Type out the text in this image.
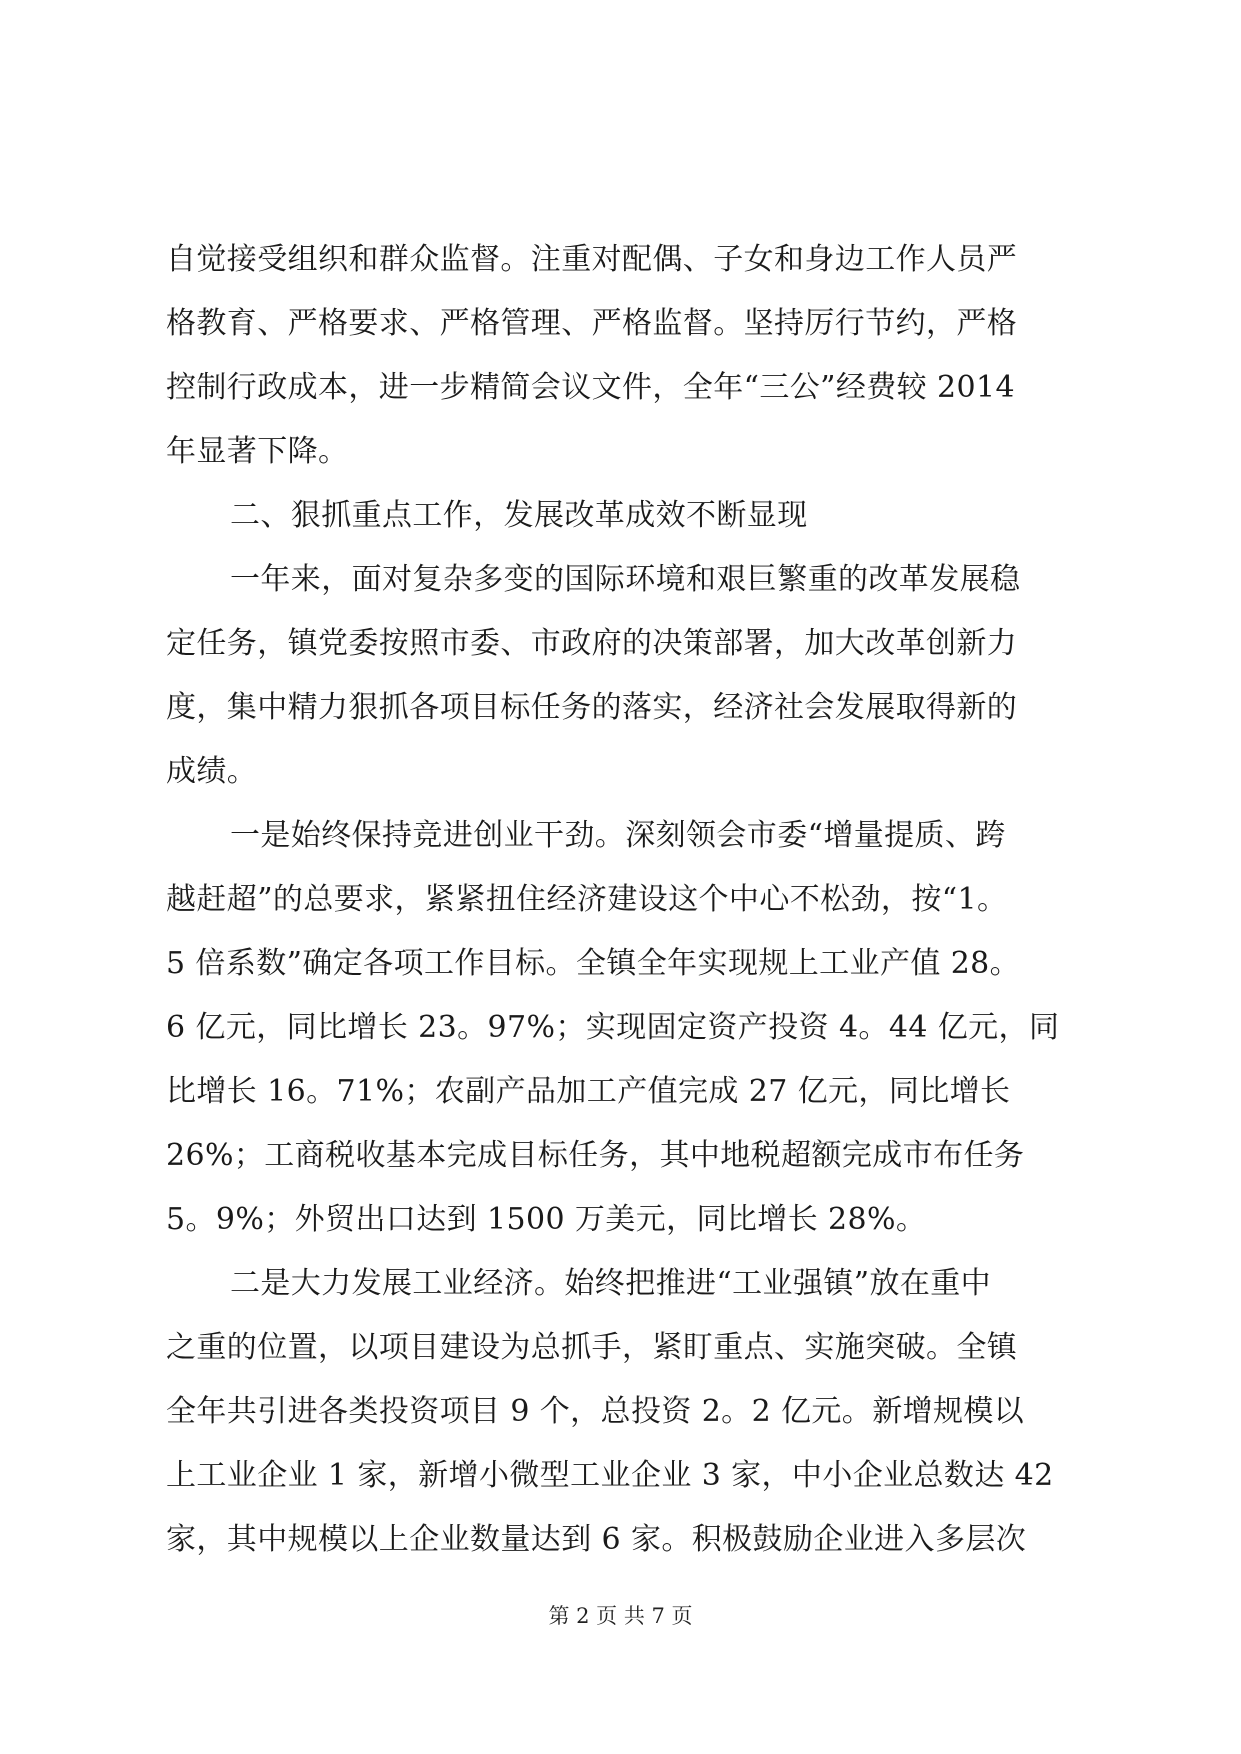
自觉接受组织和群众监督。注重对配偶、子女和身边工作人员严
格教育、严格要求、严格管理、严格监督。坚持厉行节约，严格
控制行政成本，进一步精简会议文件，全年“三公”经费较 2014
年显著下降。
二、狠抓重点工作，发展改革成效不断显现
一年来，面对复杂多变的国际环境和艰巨繁重的改革发展稳
定任务，镇党委按照市委、市政府的决策部署，加大改革创新力
度，集中精力狠抓各项目标任务的落实，经济社会发展取得新的
成绩。
一是始终保持竞进创业干劲。深刻领会市委“增量提质、跨
越赶超”的总要求，紧紧扭住经济建设这个中心不松劲，按“1。
5 倍系数”确定各项工作目标。全镇全年实现规上工业产值 28。
6 亿元，同比增长 23。97%；实现固定资产投资 4。44 亿元，同
比增长 16。71%；农副产品加工产值完成 27 亿元，同比增长
26%；工商税收基本完成目标任务，其中地税超额完成市布任务
5。9%；外贸出口达到 1500 万美元，同比增长 28%。
二是大力发展工业经济。始终把推进“工业强镇”放在重中
之重的位置，以项目建设为总抓手，紧盯重点、实施突破。全镇
全年共引进各类投资项目 9 个，总投资 2。2 亿元。新增规模以
上工业企业 1 家，新增小微型工业企业 3 家，中小企业总数达 42
家，其中规模以上企业数量达到 6 家。积极鼓励企业进入多层次
第 2 页 共 7 页
